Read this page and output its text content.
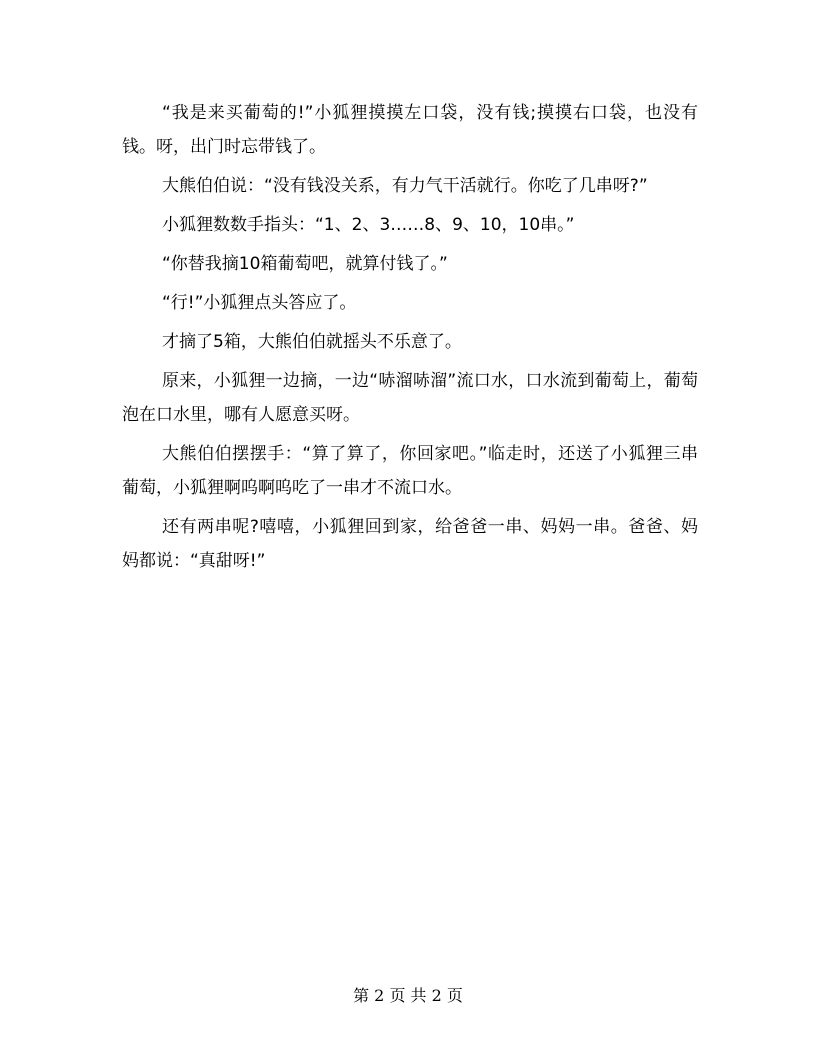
“我是来买葡萄的!”小狐狸摸摸左口袋，没有钱;摸摸右口袋，也没有钱。呀，出门时忘带钱了。

大熊伯伯说：“没有钱没关系，有力气干活就行。你吃了几串呀?”

小狐狸数数手指头：“1、2、3……8、9、10，10串。”

“你替我摘10箱葡萄吧，就算付钱了。”

“行!”小狐狸点头答应了。

才摘了5箱，大熊伯伯就摇头不乐意了。

原来，小狐狸一边摘，一边“哧溜哧溜”流口水，口水流到葡萄上，葡萄泡在口水里，哪有人愿意买呀。

大熊伯伯摆摆手：“算了算了，你回家吧。”临走时，还送了小狐狸三串葡萄，小狐狸啊呜啊呜吃了一串才不流口水。

还有两串呢?嘻嘻，小狐狸回到家，给爸爸一串、妈妈一串。爸爸、妈妈都说：“真甜呀!”

第 2 页 共 2 页
